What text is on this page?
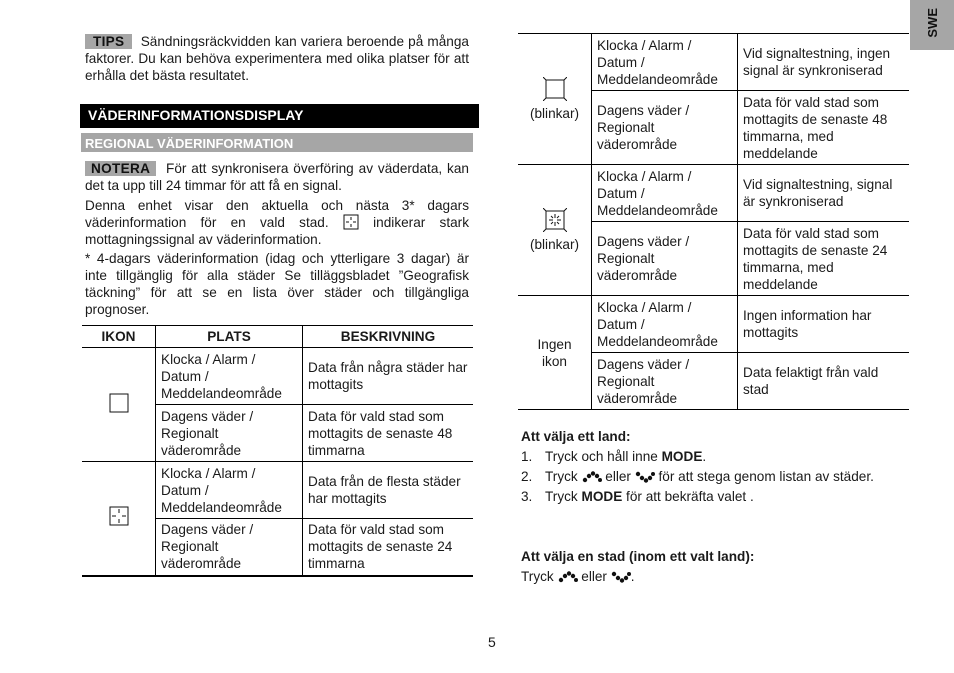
SWE
TIPS Sändningsräckvidden kan variera beroende på många faktorer. Du kan behöva experimentera med olika platser för att erhålla det bästa resultatet.
VÄDERINFORMATIONSDISPLAY
REGIONAL VÄDERINFORMATION
NOTERA För att synkronisera överföring av väderdata, kan det ta upp till 24 timmar för att få en signal.
Denna enhet visar den aktuella och nästa 3* dagars väderinformation för en vald stad.	indikerar stark mottagningssignal av väderinformation.
* 4-dagars väderinformation (idag och ytterligare 3 dagar) är inte tillgänglig för alla städer Se tilläggsbladet ”Geografisk täckning” för att se en lista över städer och tillgängliga prognoser.
IKON	PLATS	BESKRIVNING
	Klocka / Alarm / Datum / Meddelandeområde	Data från några städer har mottagits
	Dagens väder / Regionalt väderområde	Data för vald stad som mottagits de senaste 48 timmarna
	Klocka / Alarm / Datum / Meddelandeområde	Data från de flesta städer har mottagits
	Dagens väder / Regionalt väderområde	Data för vald stad som mottagits de senaste 24 timmarna

(blinkar)	Klocka / Alarm / Datum / Meddelandeområde	Vid signaltestning, ingen signal är synkroniserad
	Dagens väder / Regionalt väderområde	Data för vald stad som mottagits de senaste 48 timmarna, med meddelande

(blinkar)	Klocka / Alarm / Datum / Meddelandeområde	Vid signaltestning, signal är synkroniserad
	Dagens väder / Regionalt väderområde	Data för vald stad som mottagits de senaste 24 timmarna, med meddelande
Ingen ikon	Klocka / Alarm / Datum / Meddelandeområde	Ingen information har mottagits
	Dagens väder / Regionalt väderområde	Data felaktigt från vald stad
Att välja ett land:
1. Tryck och håll inne MODE.
2. Tryck  eller  för att stega genom listan av städer.
3. Tryck MODE för att bekräfta valet .
Att välja en stad (inom ett valt land):
Tryck  eller .
5
